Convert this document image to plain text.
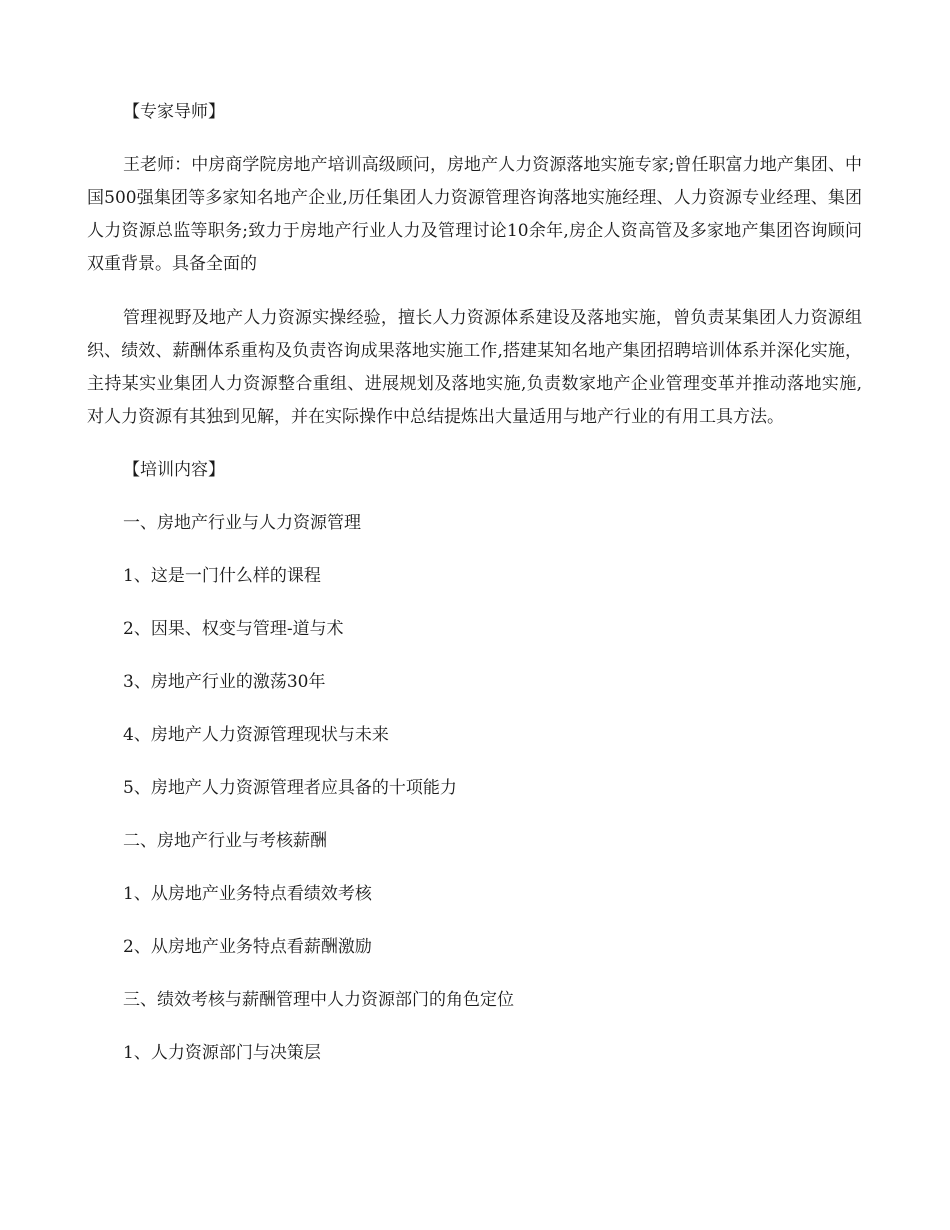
【专家导师】

王老师：中房商学院房地产培训高级顾问，房地产人力资源落地实施专家;曾任职富力地产集团、中国500强集团等多家知名地产企业,历任集团人力资源管理咨询落地实施经理、人力资源专业经理、集团人力资源总监等职务;致力于房地产行业人力及管理讨论10余年,房企人资高管及多家地产集团咨询顾问双重背景。具备全面的

管理视野及地产人力资源实操经验，擅长人力资源体系建设及落地实施，曾负责某集团人力资源组织、绩效、薪酬体系重构及负责咨询成果落地实施工作,搭建某知名地产集团招聘培训体系并深化实施，主持某实业集团人力资源整合重组、进展规划及落地实施,负责数家地产企业管理变革并推动落地实施,对人力资源有其独到见解，并在实际操作中总结提炼出大量适用与地产行业的有用工具方法。

【培训内容】

一、房地产行业与人力资源管理

1、这是一门什么样的课程

2、因果、权变与管理-道与术

3、房地产行业的激荡30年

4、房地产人力资源管理现状与未来

5、房地产人力资源管理者应具备的十项能力

二、房地产行业与考核薪酬

1、从房地产业务特点看绩效考核

2、从房地产业务特点看薪酬激励

三、绩效考核与薪酬管理中人力资源部门的角色定位

1、人力资源部门与决策层
